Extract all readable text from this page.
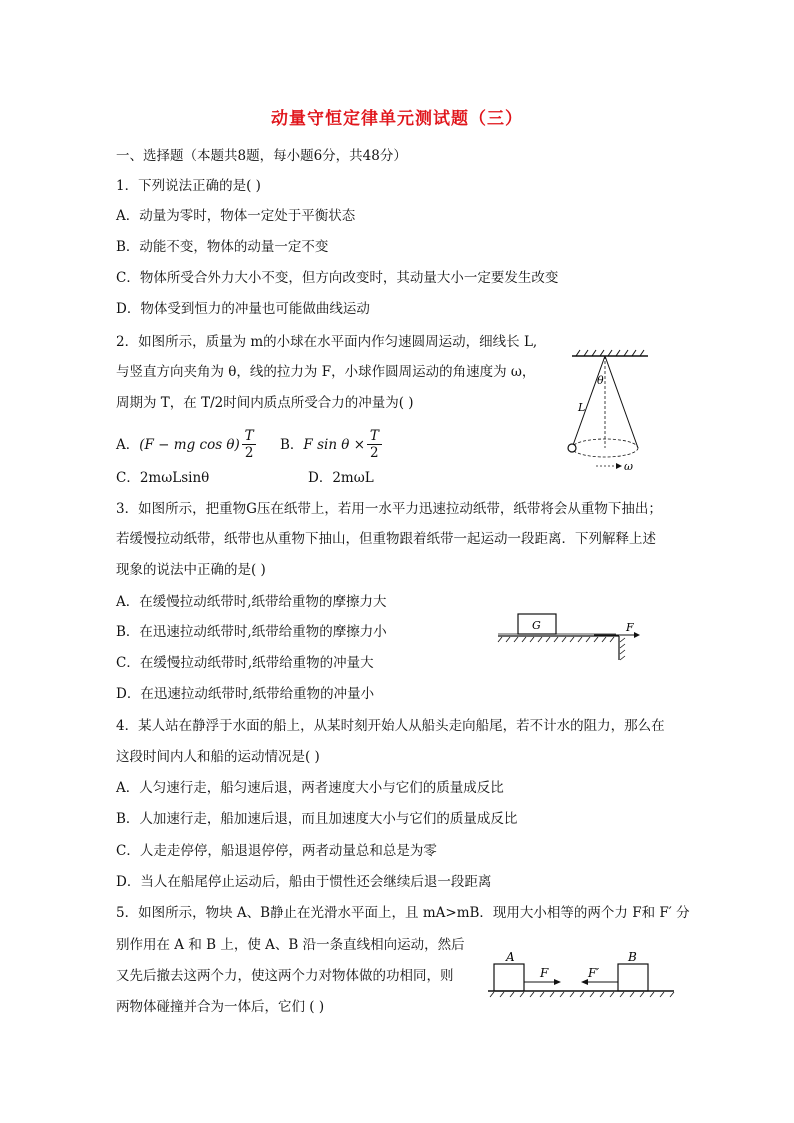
动量守恒定律单元测试题（三）
一、选择题（本题共8题，每小题6分，共48分）
1．下列说法正确的是( )
A．动量为零时，物体一定处于平衡状态
B．动能不变，物体的动量一定不变
C．物体所受合外力大小不变，但方向改变时，其动量大小一定要发生改变
D．物体受到恒力的冲量也可能做曲线运动
2．如图所示，质量为 m的小球在水平面内作匀速圆周运动，细线长 L,
与竖直方向夹角为 θ，线的拉力为 F，小球作圆周运动的角速度为 ω，
周期为 T，在 T/2时间内质点所受合力的冲量为( )
A． (F − mg $\cos \theta) \frac{T}{2}$ B． F $\sin \theta \times \frac{T}{2}$
C．2mωLsinθ	D．2mωL
θ
L
ω
3．如图所示，把重物G压在纸带上，若用一水平力迅速拉动纸带，纸带将会从重物下抽出；
若缓慢拉动纸带，纸带也从重物下抽山，但重物跟着纸带一起运动一段距离．下列解释上述
现象的说法中正确的是( )
A．在缓慢拉动纸带时,纸带给重物的摩擦力大
B．在迅速拉动纸带时,纸带给重物的摩擦力小
C．在缓慢拉动纸带时,纸带给重物的冲量大
D．在迅速拉动纸带时,纸带给重物的冲量小
G	F
4．某人站在静浮于水面的船上，从某时刻开始人从船头走向船尾，若不计水的阻力，那么在
这段时间内人和船的运动情况是( )
A．人匀速行走，船匀速后退，两者速度大小与它们的质量成反比
B．人加速行走，船加速后退，而且加速度大小与它们的质量成反比
C．人走走停停，船退退停停，两者动量总和总是为零
D．当人在船尾停止运动后，船由于惯性还会继续后退一段距离
5．如图所示，物块 A、B静止在光滑水平面上，且 mA>mB．现用大小相等的两个力 F和 F′ 分
别作用在 A 和 B 上，使 A、B 沿一条直线相向运动，然后
又先后撤去这两个力，使这两个力对物体做的功相同，则
两物体碰撞并合为一体后，它们 ( )
A	B
F	F′
